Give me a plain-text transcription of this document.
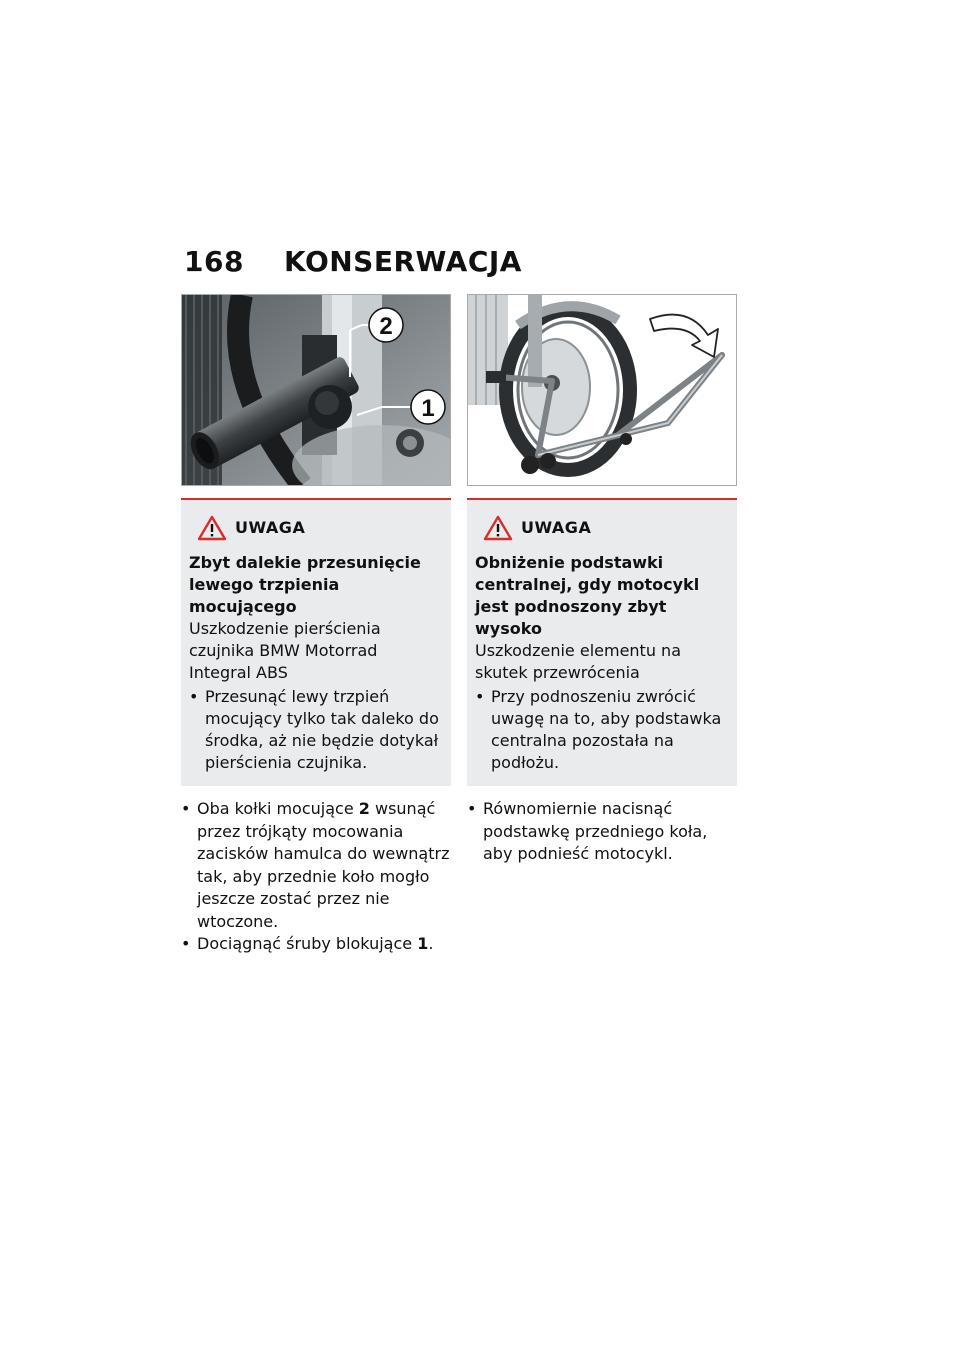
168 KONSERWACJA
2
1
UWAGA
Zbyt dalekie przesunięcie lewego trzpienia mocującego
Uszkodzenie pierścienia czujnika BMW Motorrad Integral ABS
• Przesunąć lewy trzpień mocujący tylko tak daleko do środka, aż nie będzie dotykał pierścienia czujnika.
• Oba kołki mocujące 2 wsunąć przez trójkąty mocowania zacisków hamulca do wewnątrz tak, aby przednie koło mogło jeszcze zostać przez nie wtoczone.
• Dociągnąć śruby blokujące 1.
UWAGA
Obniżenie podstawki centralnej, gdy motocykl jest podnoszony zbyt wysoko
Uszkodzenie elementu na skutek przewrócenia
• Przy podnoszeniu zwrócić uwagę na to, aby podstawka centralna pozostała na podłożu.
• Równomiernie nacisnąć podstawkę przedniego koła, aby podnieść motocykl.
